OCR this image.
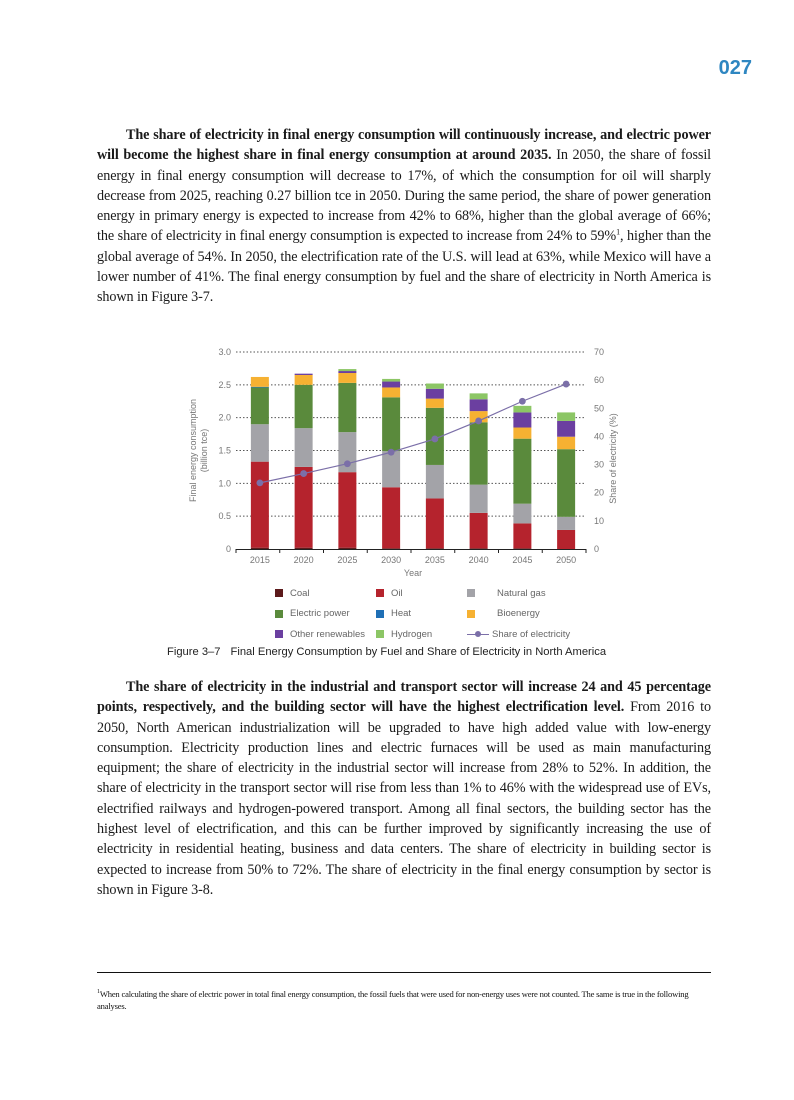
027

The share of electricity in final energy consumption will continuously increase, and electric power will become the highest share in final energy consumption at around 2035. In 2050, the share of fossil energy in final energy consumption will decrease to 17%, of which the consumption for oil will sharply decrease from 2025, reaching 0.27 billion tce in 2050. During the same period, the share of power generation energy in primary energy is expected to increase from 42% to 68%, higher than the global average of 66%; the share of electricity in final energy consumption is expected to increase from 24% to 59%$^1$, higher than the global average of 54%. In 2050, the electrification rate of the U.S. will lead at 63%, while Mexico will have a lower number of 41%. The final energy consumption by fuel and the share of electricity in North America is shown in Figure 3-7.

0
0.5
1.0
1.5
2.0
2.5
3.0
0
10
20
30
40
50
60
70
2015	2020	2025	2030	2035	2040	2045	2050
Final energy consumption (billion tce)	Share of electricity (%)
Year
Coal	Oil	Natural gas
Electric power	Heat	Bioenergy
Other renewables	Hydrogen	Share of electricity
Figure 3–7 Final Energy Consumption by Fuel and Share of Electricity in North America

The share of electricity in the industrial and transport sector will increase 24 and 45 percentage points, respectively, and the building sector will have the highest electrification level. From 2016 to 2050, North American industrialization will be upgraded to have high added value with low-energy consumption. Electricity production lines and electric furnaces will be used as main manufacturing equipment; the share of electricity in the industrial sector will increase from 28% to 52%. In addition, the share of electricity in the transport sector will rise from less than 1% to 46% with the widespread use of EVs, electrified railways and hydrogen-powered transport. Among all final sectors, the building sector has the highest level of electrification, and this can be further improved by significantly increasing the use of electricity in residential heating, business and data centers. The share of electricity in building sector is expected to increase from 50% to 72%. The share of electricity in the final energy consumption by sector is shown in Figure 3-8.

$^1$When calculating the share of electric power in total final energy consumption, the fossil fuels that were used for non-energy uses were not counted. The same is true in the following analyses.
